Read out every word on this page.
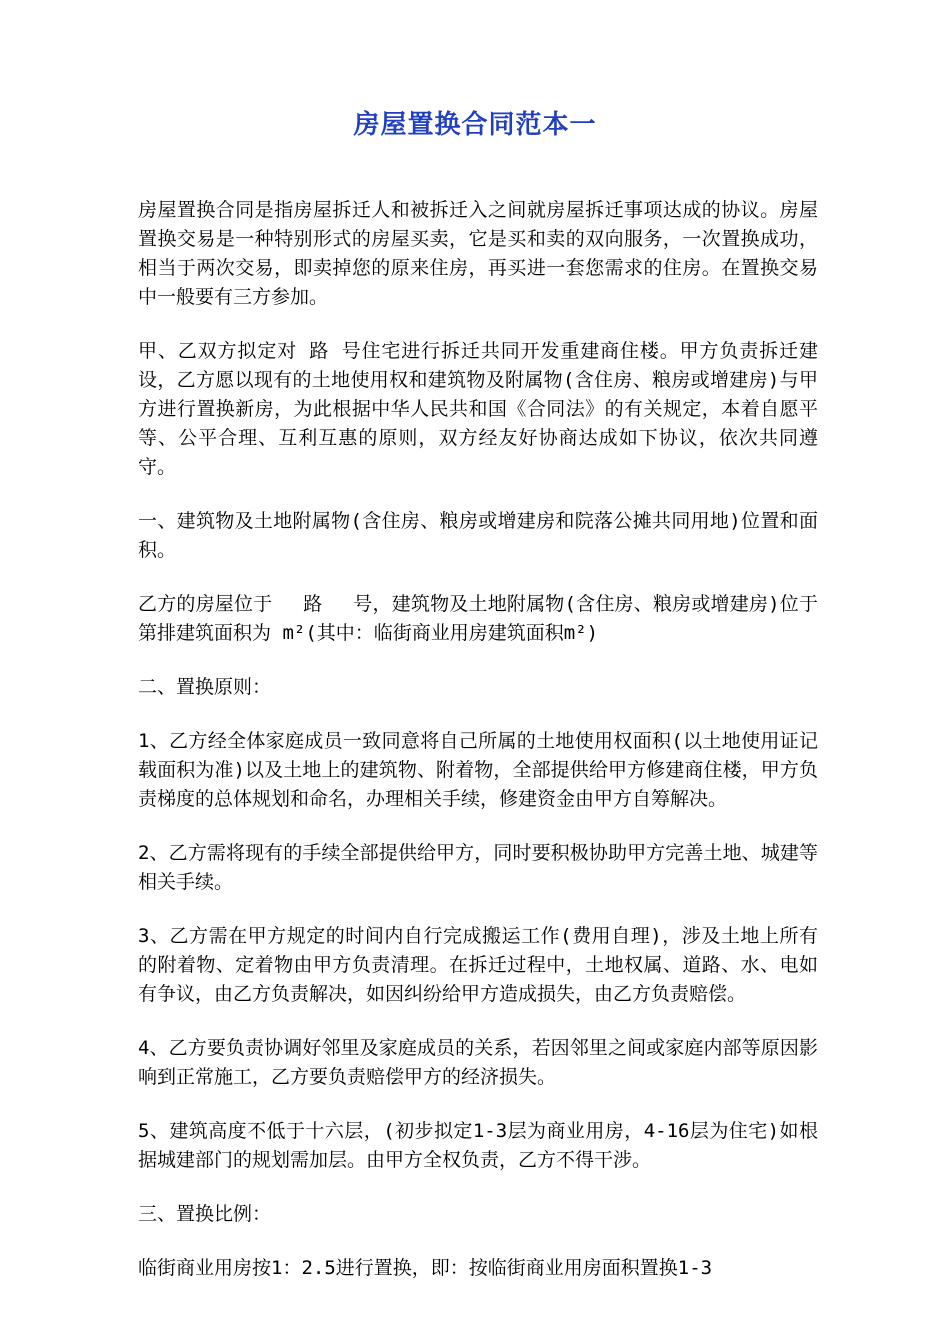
房屋置换合同范本一

房屋置换合同是指房屋拆迁人和被拆迁入之间就房屋拆迁事项达成的协议。房屋置换交易是一种特别形式的房屋买卖，它是买和卖的双向服务，一次置换成功，相当于两次交易，即卖掉您的原来住房，再买进一套您需求的住房。在置换交易中一般要有三方参加。

甲、乙双方拟定对 路 号住宅进行拆迁共同开发重建商住楼。甲方负责拆迁建设，乙方愿以现有的土地使用权和建筑物及附属物(含住房、粮房或增建房)与甲方进行置换新房，为此根据中华人民共和国《合同法》的有关规定，本着自愿平等、公平合理、互利互惠的原则，双方经友好协商达成如下协议，依次共同遵守。

一、建筑物及土地附属物(含住房、粮房或增建房和院落公摊共同用地)位置和面积。

乙方的房屋位于　 路　 号，建筑物及土地附属物(含住房、粮房或增建房)位于第排建筑面积为 m²(其中：临街商业用房建筑面积m²)

二、置换原则：

1、乙方经全体家庭成员一致同意将自己所属的土地使用权面积(以土地使用证记载面积为准)以及土地上的建筑物、附着物，全部提供给甲方修建商住楼，甲方负责梯度的总体规划和命名，办理相关手续，修建资金由甲方自筹解决。

2、乙方需将现有的手续全部提供给甲方，同时要积极协助甲方完善土地、城建等相关手续。

3、乙方需在甲方规定的时间内自行完成搬运工作(费用自理)，涉及土地上所有的附着物、定着物由甲方负责清理。在拆迁过程中，土地权属、道路、水、电如有争议，由乙方负责解决，如因纠纷给甲方造成损失，由乙方负责赔偿。

4、乙方要负责协调好邻里及家庭成员的关系，若因邻里之间或家庭内部等原因影响到正常施工，乙方要负责赔偿甲方的经济损失。

5、建筑高度不低于十六层，(初步拟定1-3层为商业用房，4-16层为住宅)如根据城建部门的规划需加层。由甲方全权负责，乙方不得干涉。

三、置换比例：

临街商业用房按1：2.5进行置换，即：按临街商业用房面积置换1-3
